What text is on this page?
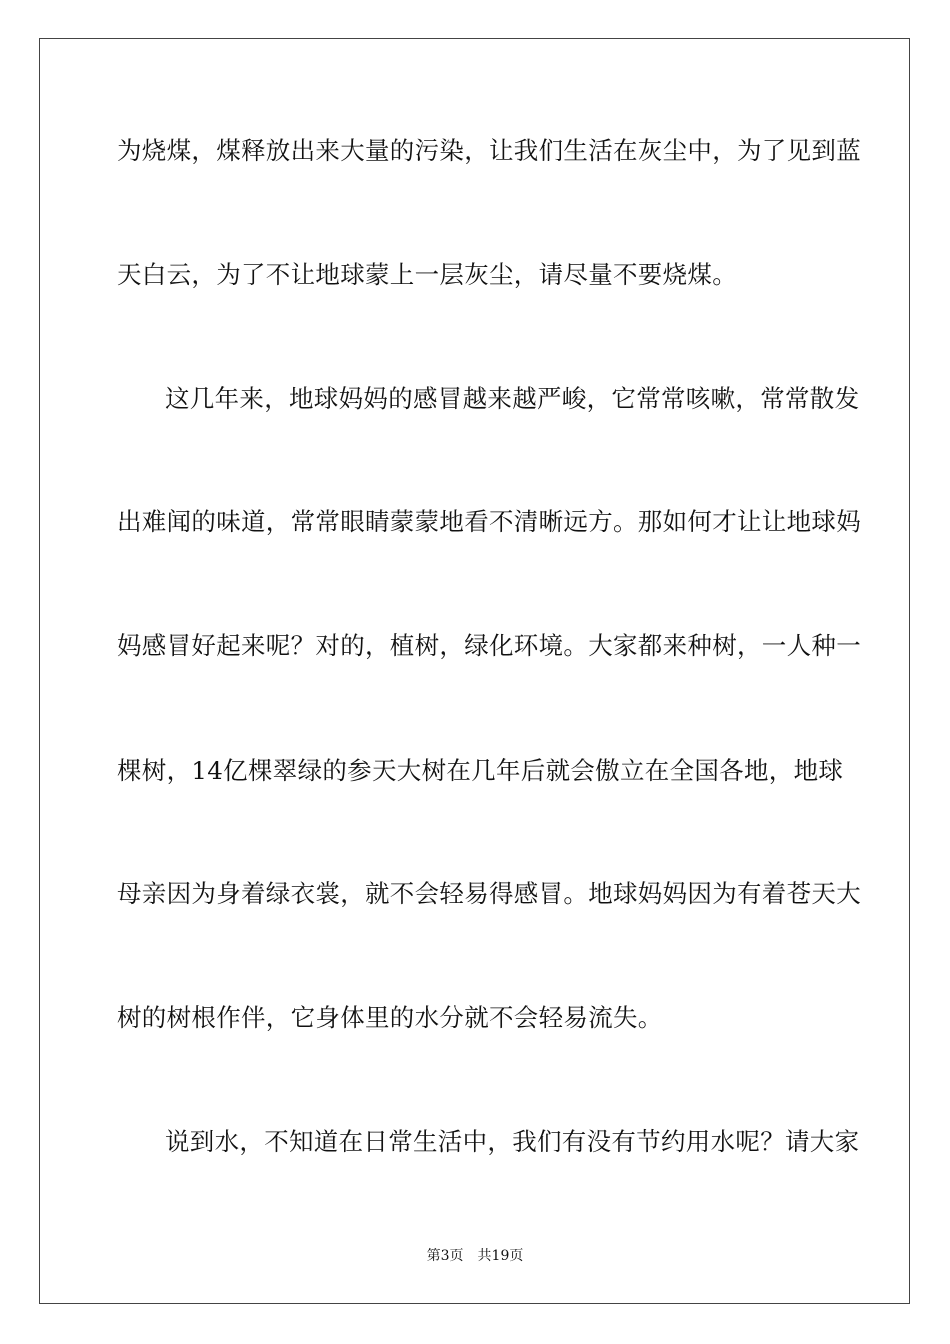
为烧煤，煤释放出来大量的污染，让我们生活在灰尘中，为了见到蓝
天白云，为了不让地球蒙上一层灰尘，请尽量不要烧煤。
这几年来，地球妈妈的感冒越来越严峻，它常常咳嗽，常常散发
出难闻的味道，常常眼睛蒙蒙地看不清晰远方。那如何才让让地球妈
妈感冒好起来呢？对的，植树，绿化环境。大家都来种树，一人种一
棵树，14亿棵翠绿的参天大树在几年后就会傲立在全国各地，地球
母亲因为身着绿衣裳，就不会轻易得感冒。地球妈妈因为有着苍天大
树的树根作伴，它身体里的水分就不会轻易流失。
说到水，不知道在日常生活中，我们有没有节约用水呢？请大家
第3页 共19页
